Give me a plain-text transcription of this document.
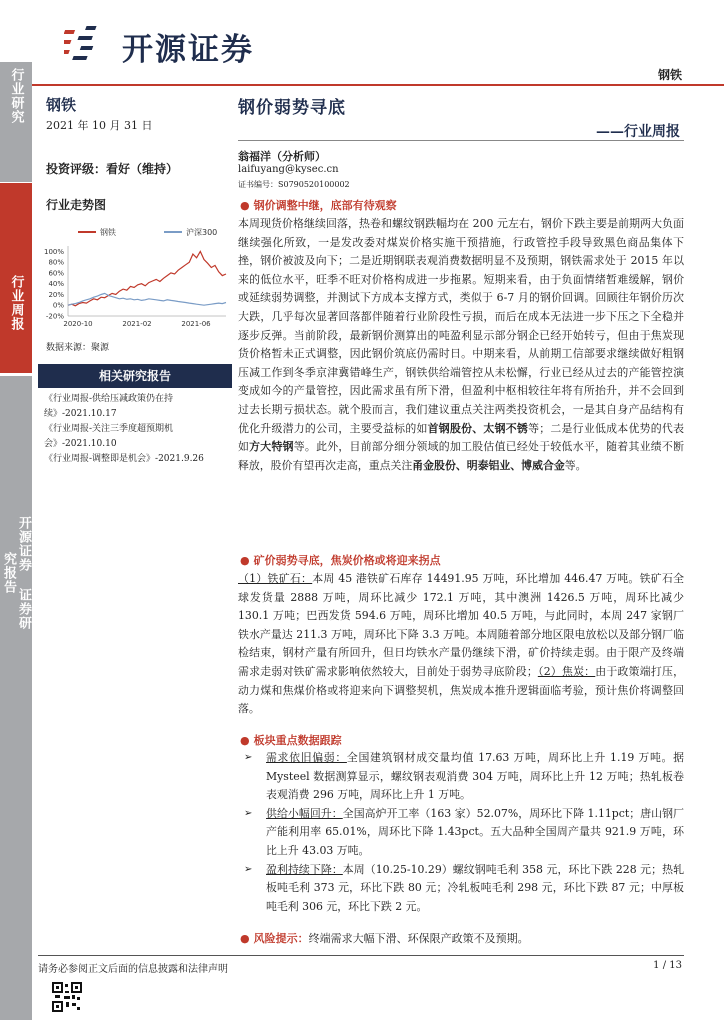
开源证券
钢铁
行业研究
行业周报
开源证券 证券研究报告
钢铁
2021 年 10 月 31 日
投资评级：看好（维持）
行业走势图
钢铁	沪深300
100%
80%
60%
40%
20%
0%
-20%
2020-10	2021-02	2021-06
数据来源：聚源
相关研究报告
《行业周报-供给压减政策仍在持续》-2021.10.17
《行业周报-关注三季度超预期机会》-2021.10.10
《行业周报-调整即是机会》-2021.9.26
钢价弱势寻底
——行业周报
翁福洋（分析师）
laifuyang@kysec.cn
证书编号：S0790520100002
● 钢价调整中继，底部有待观察
本周现货价格继续回落，热卷和螺纹钢跌幅均在 200 元左右，钢价下跌主要是前期两大负面继续强化所致，一是发改委对煤炭价格实施干预措施，行政管控手段导致黑色商品集体下挫，钢价被波及向下；二是近期钢联表观消费数据明显不及预期，钢铁需求处于 2015 年以来的低位水平，旺季不旺对价格构成进一步拖累。短期来看，由于负面情绪暂难缓解，钢价或延续弱势调整，并测试下方成本支撑方式，类似于 6-7 月的钢价回调。回顾往年钢价历次大跌，几乎每次显著回落都伴随着行业阶段性亏损，而后在成本无法进一步下压之下全稳并逐步反弹。当前阶段，最新钢价测算出的吨盈利显示部分钢企已经开始转亏，但由于焦炭现货价格暂未正式调整，因此钢价筑底仍需时日。中期来看，从前期工信部要求继续做好粗钢压减工作到冬季京津冀错峰生产，钢铁供给端管控从未松懈，行业已经从过去的产能管控演变成如今的产量管控，因此需求虽有所下滑，但盈利中枢相较往年将有所抬升，并不会回到过去长期亏损状态。就个股而言，我们建议重点关注两类投资机会，一是其自身产品结构有优化升级潜力的公司，主要受益标的如首钢股份、太钢不锈等；二是行业低成本优势的代表如方大特钢等。此外，目前部分细分领域的加工股估值已经处于较低水平，随着其业绩不断释放，股价有望再次走高，重点关注甬金股份、明泰铝业、博威合金等。
● 矿价弱势寻底，焦炭价格或将迎来拐点
（1）铁矿石：本周 45 港铁矿石库存 14491.95 万吨，环比增加 446.47 万吨。铁矿石全球发货量 2888 万吨，周环比减少 172.1 万吨，其中澳洲 1426.5 万吨，周环比减少 130.1 万吨；巴西发货 594.6 万吨，周环比增加 40.5 万吨，与此同时，本周 247 家钢厂铁水产量达 211.3 万吨，周环比下降 3.3 万吨。本周随着部分地区限电放松以及部分钢厂临检结束，钢材产量有所回升，但日均铁水产量仍继续下滑，矿价持续走弱。由于限产及终端需求走弱对铁矿需求影响依然较大，目前处于弱势寻底阶段；（2）焦炭：由于政策端打压，动力煤和焦煤价格或将迎来向下调整契机，焦炭成本推升逻辑面临考验，预计焦价将调整回落。
● 板块重点数据跟踪
➢ 需求依旧偏弱：全国建筑钢材成交量均值 17.63 万吨，周环比上升 1.19 万吨。据 Mysteel 数据测算显示，螺纹钢表观消费 304 万吨，周环比上升 12 万吨；热轧板卷表观消费 296 万吨，周环比上升 1 万吨。
➢ 供给小幅回升：全国高炉开工率（163 家）52.07%，周环比下降 1.11pct；唐山钢厂产能利用率 65.01%，周环比下降 1.43pct。五大品种全国周产量共 921.9 万吨，环比上升 43.03 万吨。
➢ 盈利持续下降：本周（10.25-10.29）螺纹钢吨毛利 358 元，环比下跌 228 元；热轧板吨毛利 373 元，环比下跌 80 元；冷轧板吨毛利 298 元，环比下跌 87 元；中厚板吨毛利 306 元，环比下跌 2 元。
● 风险提示：终端需求大幅下滑、环保限产政策不及预期。
请务必参阅正文后面的信息披露和法律声明	1 / 13
